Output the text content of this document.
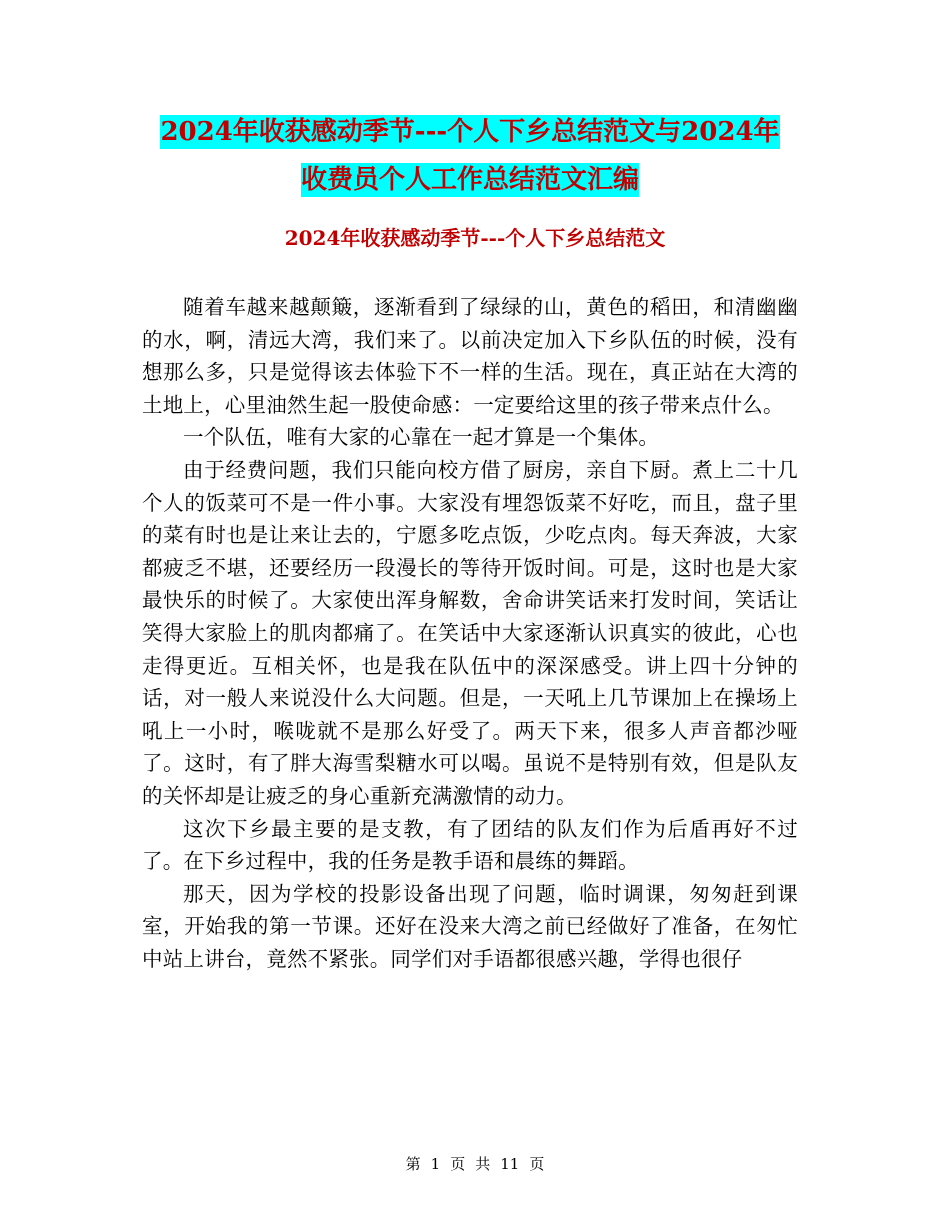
2024年收获感动季节---个人下乡总结范文与2024年
收费员个人工作总结范文汇编
2024年收获感动季节---个人下乡总结范文

随着车越来越颠簸，逐渐看到了绿绿的山，黄色的稻田，和清幽幽的水，啊，清远大湾，我们来了。以前决定加入下乡队伍的时候，没有想那么多，只是觉得该去体验下不一样的生活。现在，真正站在大湾的土地上，心里油然生起一股使命感：一定要给这里的孩子带来点什么。

一个队伍，唯有大家的心靠在一起才算是一个集体。

由于经费问题，我们只能向校方借了厨房，亲自下厨。煮上二十几个人的饭菜可不是一件小事。大家没有埋怨饭菜不好吃，而且，盘子里的菜有时也是让来让去的，宁愿多吃点饭，少吃点肉。每天奔波，大家都疲乏不堪，还要经历一段漫长的等待开饭时间。可是，这时也是大家最快乐的时候了。大家使出浑身解数，舍命讲笑话来打发时间，笑话让笑得大家脸上的肌肉都痛了。在笑话中大家逐渐认识真实的彼此，心也走得更近。互相关怀，也是我在队伍中的深深感受。讲上四十分钟的话，对一般人来说没什么大问题。但是，一天吼上几节课加上在操场上吼上一小时，喉咙就不是那么好受了。两天下来，很多人声音都沙哑了。这时，有了胖大海雪梨糖水可以喝。虽说不是特别有效，但是队友的关怀却是让疲乏的身心重新充满激情的动力。

这次下乡最主要的是支教，有了团结的队友们作为后盾再好不过了。在下乡过程中，我的任务是教手语和晨练的舞蹈。

那天，因为学校的投影设备出现了问题，临时调课，匆匆赶到课室，开始我的第一节课。还好在没来大湾之前已经做好了准备，在匆忙中站上讲台，竟然不紧张。同学们对手语都很感兴趣，学得也很仔

第 1 页 共 11 页
